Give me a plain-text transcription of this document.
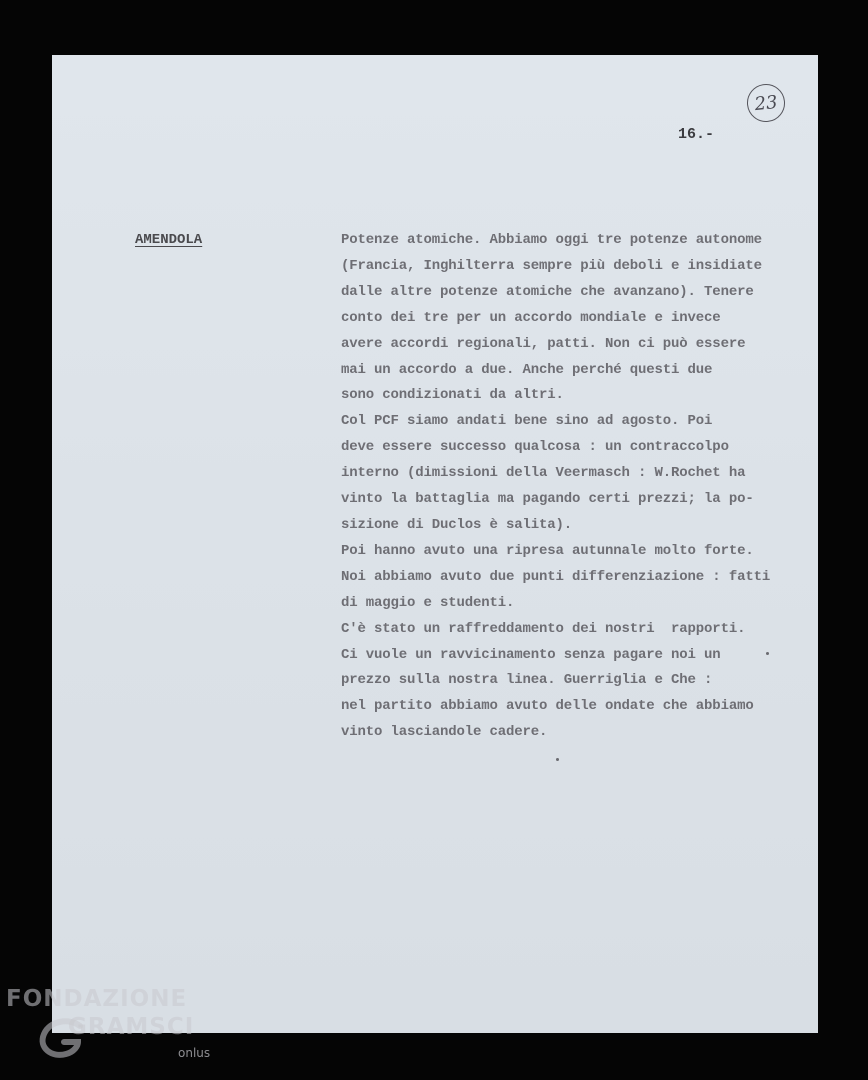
23
16.-
AMENDOLA	Potenze atomiche. Abbiamo oggi tre potenze autonome
(Francia, Inghilterra sempre più deboli e insidiate
dalle altre potenze atomiche che avanzano). Tenere
conto dei tre per un accordo mondiale e invece
avere accordi regionali, patti. Non ci può essere
mai un accordo a due. Anche perché questi due
sono condizionati da altri.
Col PCF siamo andati bene sino ad agosto. Poi
deve essere successo qualcosa : un contraccolpo
interno (dimissioni della Veermasch : W.Rochet ha
vinto la battaglia ma pagando certi prezzi; la po-
sizione di Duclos è salita).
Poi hanno avuto una ripresa autunnale molto forte.
Noi abbiamo avuto due punti differenziazione : fatti
di maggio e studenti.
C'è stato un raffreddamento dei nostri  rapporti.
Ci vuole un ravvicinamento senza pagare noi un
prezzo sulla nostra linea. Guerriglia e Che :
nel partito abbiamo avuto delle ondate che abbiamo
vinto lasciandole cadere.
FONDAZIONE
GRAMSCI
onlus
